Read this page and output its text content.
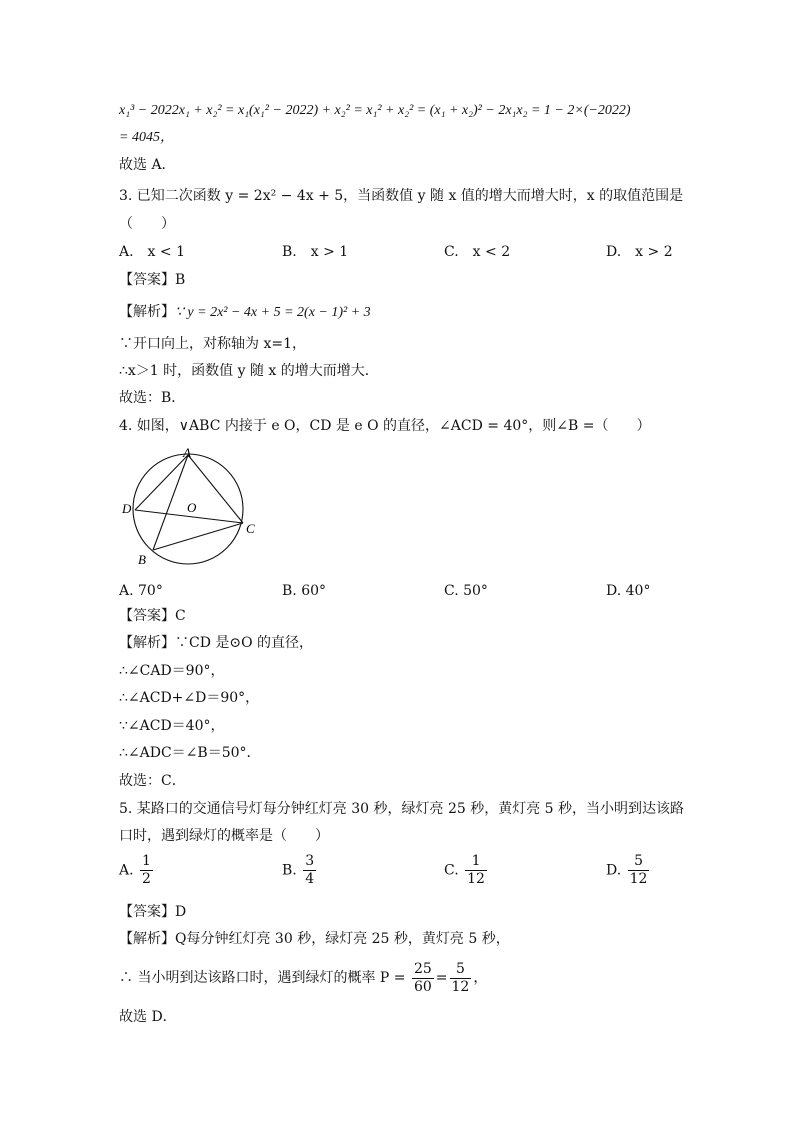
x₁³ − 2022x₁ + x₂² = x₁(x₁² − 2022) + x₂² = x₁² + x₂² = (x₁ + x₂)² − 2x₁x₂ = 1 − 2×(−2022)
= 4045，
故选 A．
3. 已知二次函数 y = 2x² − 4x + 5，当函数值 y 随 x 值的增大而增大时，x 的取值范围是
（　　）
A.　x < 1	B.　x > 1	C.　x < 2	D.　x > 2
【答案】B
【解析】∵ y = 2x² − 4x + 5 = 2(x − 1)² + 3
∵开口向上，对称轴为 x=1，
∴x＞1 时，函数值 y 随 x 的增大而增大．
故选：B．
4. 如图，∨ABC 内接于 e O，CD 是 e O 的直径，∠ACD = 40°，则∠B =（　　）
A
D	O
C
B
A. 70°	B. 60°	C. 50°	D. 40°
【答案】C
【解析】∵CD 是⊙O 的直径，
∴∠CAD＝90°，
∴∠ACD+∠D＝90°，
∵∠ACD＝40°，
∴∠ADC＝∠B＝50°．
故选：C．
5. 某路口的交通信号灯每分钟红灯亮 30 秒，绿灯亮 25 秒，黄灯亮 5 秒，当小明到达该路
口时，遇到绿灯的概率是（　　）
A. $\frac{1}{2}$	B. $\frac{3}{4}$	C. $\frac{1}{12}$	D. $\frac{5}{12}$
【答案】D
【解析】Q每分钟红灯亮 30 秒，绿灯亮 25 秒，黄灯亮 5 秒，
∴ 当小明到达该路口时，遇到绿灯的概率 $P = \frac{25}{60} = \frac{5}{12}$ ，
故选 D．
